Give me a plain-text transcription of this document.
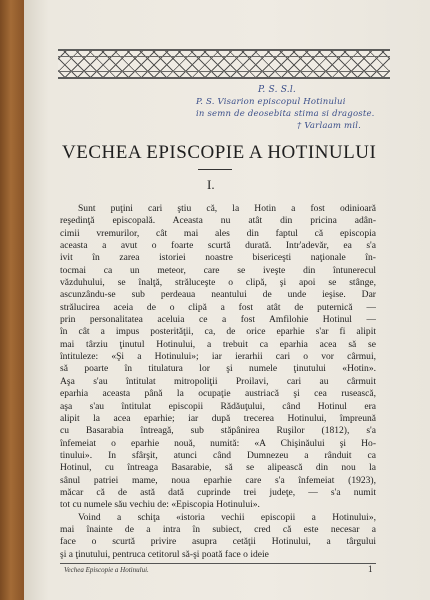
P. S. S.l.
P. S. Visarion episcopul Hotinului
in semn de deosebita stima si dragoste.
† Varlaam mil.
VECHEA EPISCOPIE A HOTINULUI
I.
Sunt puţini cari ştiu că, la Hotin a fost odinioară
reşedinţă episcopală. Aceasta nu atât din pricina adân-
cimii vremurilor, cât mai ales din faptul că episcopia
aceasta a avut o foarte scurtă durată. Intr'adevăr, ea s'a
ivit în zarea istoriei noastre bisericeşti naţionale în-
tocmai ca un meteor, care se iveşte din întunerecul
văzduhului, se înalţă, străluceşte o clipă, şi apoi se stânge,
ascunzându-se sub perdeaua neantului de unde ieşise. Dar
strălucirea aceia de o clipă a fost atât de puternică —
prin personalitatea aceluia ce a fost Amfilohie Hotinul —
în cât a impus posterităţii, ca, de orice eparhie s'ar fi alipit
mai târziu ţinutul Hotinului, a trebuit ca eparhia acea să se
întituleze: «Şi a Hotinului»; iar ierarhii cari o vor cârmui,
să poarte în titulatura lor şi numele ţinutului «Hotin».
Aşa s'au întitulat mitropoliţii Proilavi, cari au cârmuit
eparhia aceasta până la ocupaţie austriacă şi cea rusească,
aşa s'au întitulat episcopii Rădăuţului, când Hotinul era
alipit la acea eparhie; iar după trecerea Hotinului, împreună
cu Basarabia întreagă, sub stăpânirea Ruşilor (1812), s'a
înfemeiat o eparhie nouă, numită: «A Chişinăului şi Ho-
tinului». In sfârşit, atunci când Dumnezeu a rânduit ca
Hotinul, cu întreaga Basarabie, să se alipească din nou la
sânul patriei mame, noua eparhie care s'a înfemeiat (1923),
măcar că de astă dată cuprinde trei judeţe, — s'a numit
tot cu numele său vechiu de: «Episcopia Hotinului».
Voind a schiţa «istoria vechii episcopii a Hotinului»,
mai înainte de a intra în subiect, cred că este necesar a
face o scurtă privire asupra cetăţii Hotinului, a târgului
şi a ţinutului, pentruca cetitorul să-şi poată face o ideie
Vechea Episcopie a Hotinului.	1
